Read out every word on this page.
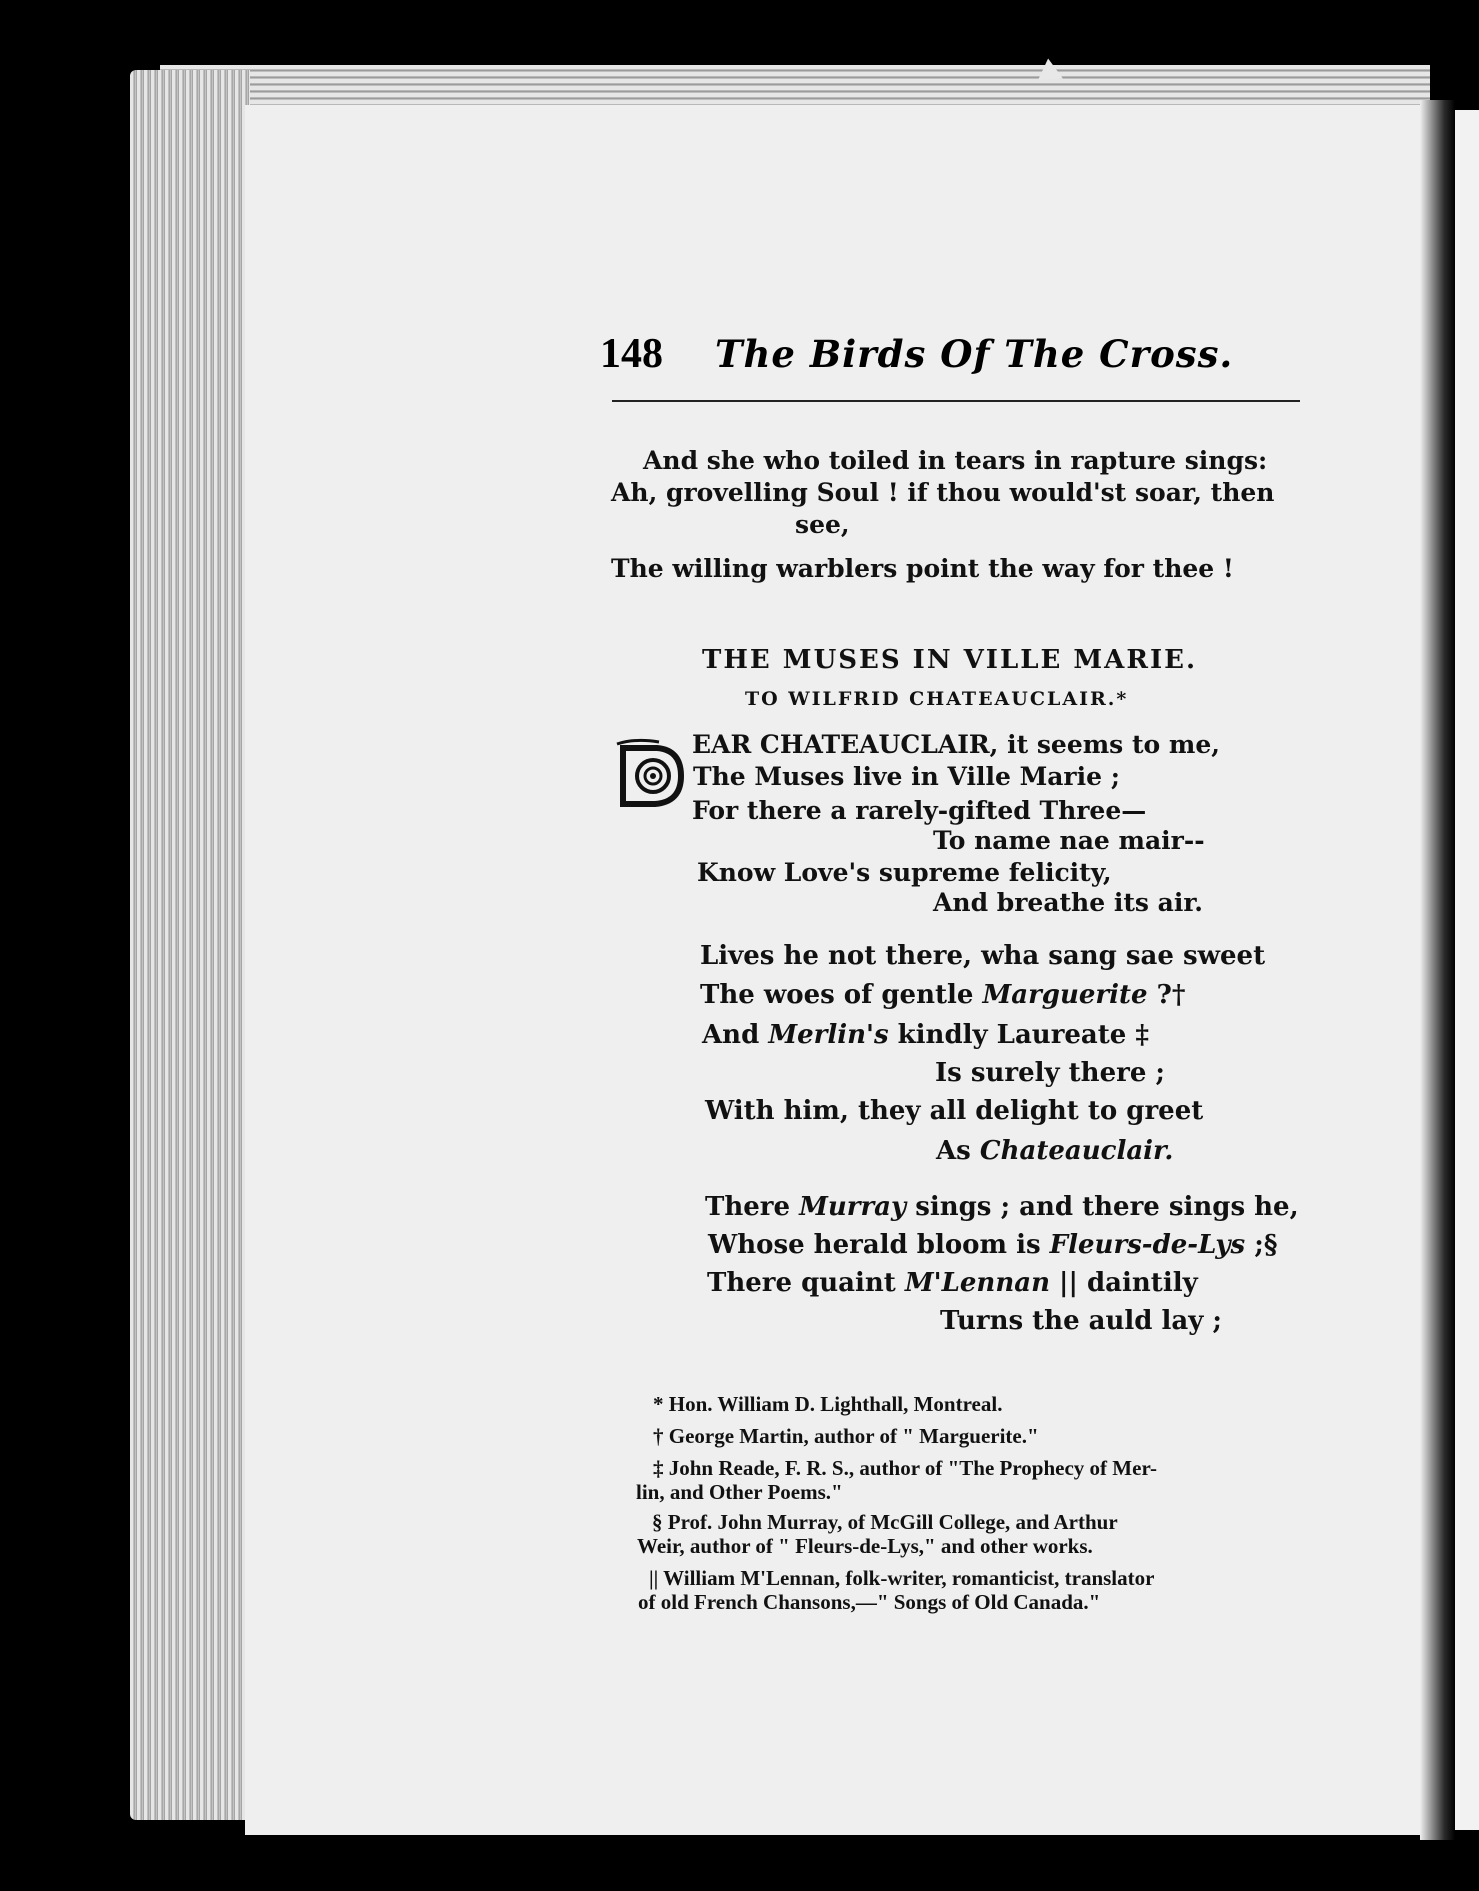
148 The Birds Of The Cross.
And she who toiled in tears in rapture sings:
Ah, grovelling Soul ! if thou would'st soar, then
see,
The willing warblers point the way for thee !
THE MUSES IN VILLE MARIE.
TO WILFRID CHATEAUCLAIR.*
EAR CHATEAUCLAIR, it seems to me,
The Muses live in Ville Marie ;
For there a rarely-gifted Three—
To name nae mair--
Know Love's supreme felicity,
And breathe its air.
Lives he not there, wha sang sae sweet
The woes of gentle Marguerite ?†
And Merlin's kindly Laureate ‡
Is surely there ;
With him, they all delight to greet
As Chateauclair.
There Murray sings ; and there sings he,
Whose herald bloom is Fleurs-de-Lys ;§
There quaint M'Lennan || daintily
Turns the auld lay ;
* Hon. William D. Lighthall, Montreal.
† George Martin, author of " Marguerite."
‡ John Reade, F. R. S., author of "The Prophecy of Mer-
lin, and Other Poems."
§ Prof. John Murray, of McGill College, and Arthur
Weir, author of " Fleurs-de-Lys," and other works.
|| William M'Lennan, folk-writer, romanticist, translator
of old French Chansons,—" Songs of Old Canada."
